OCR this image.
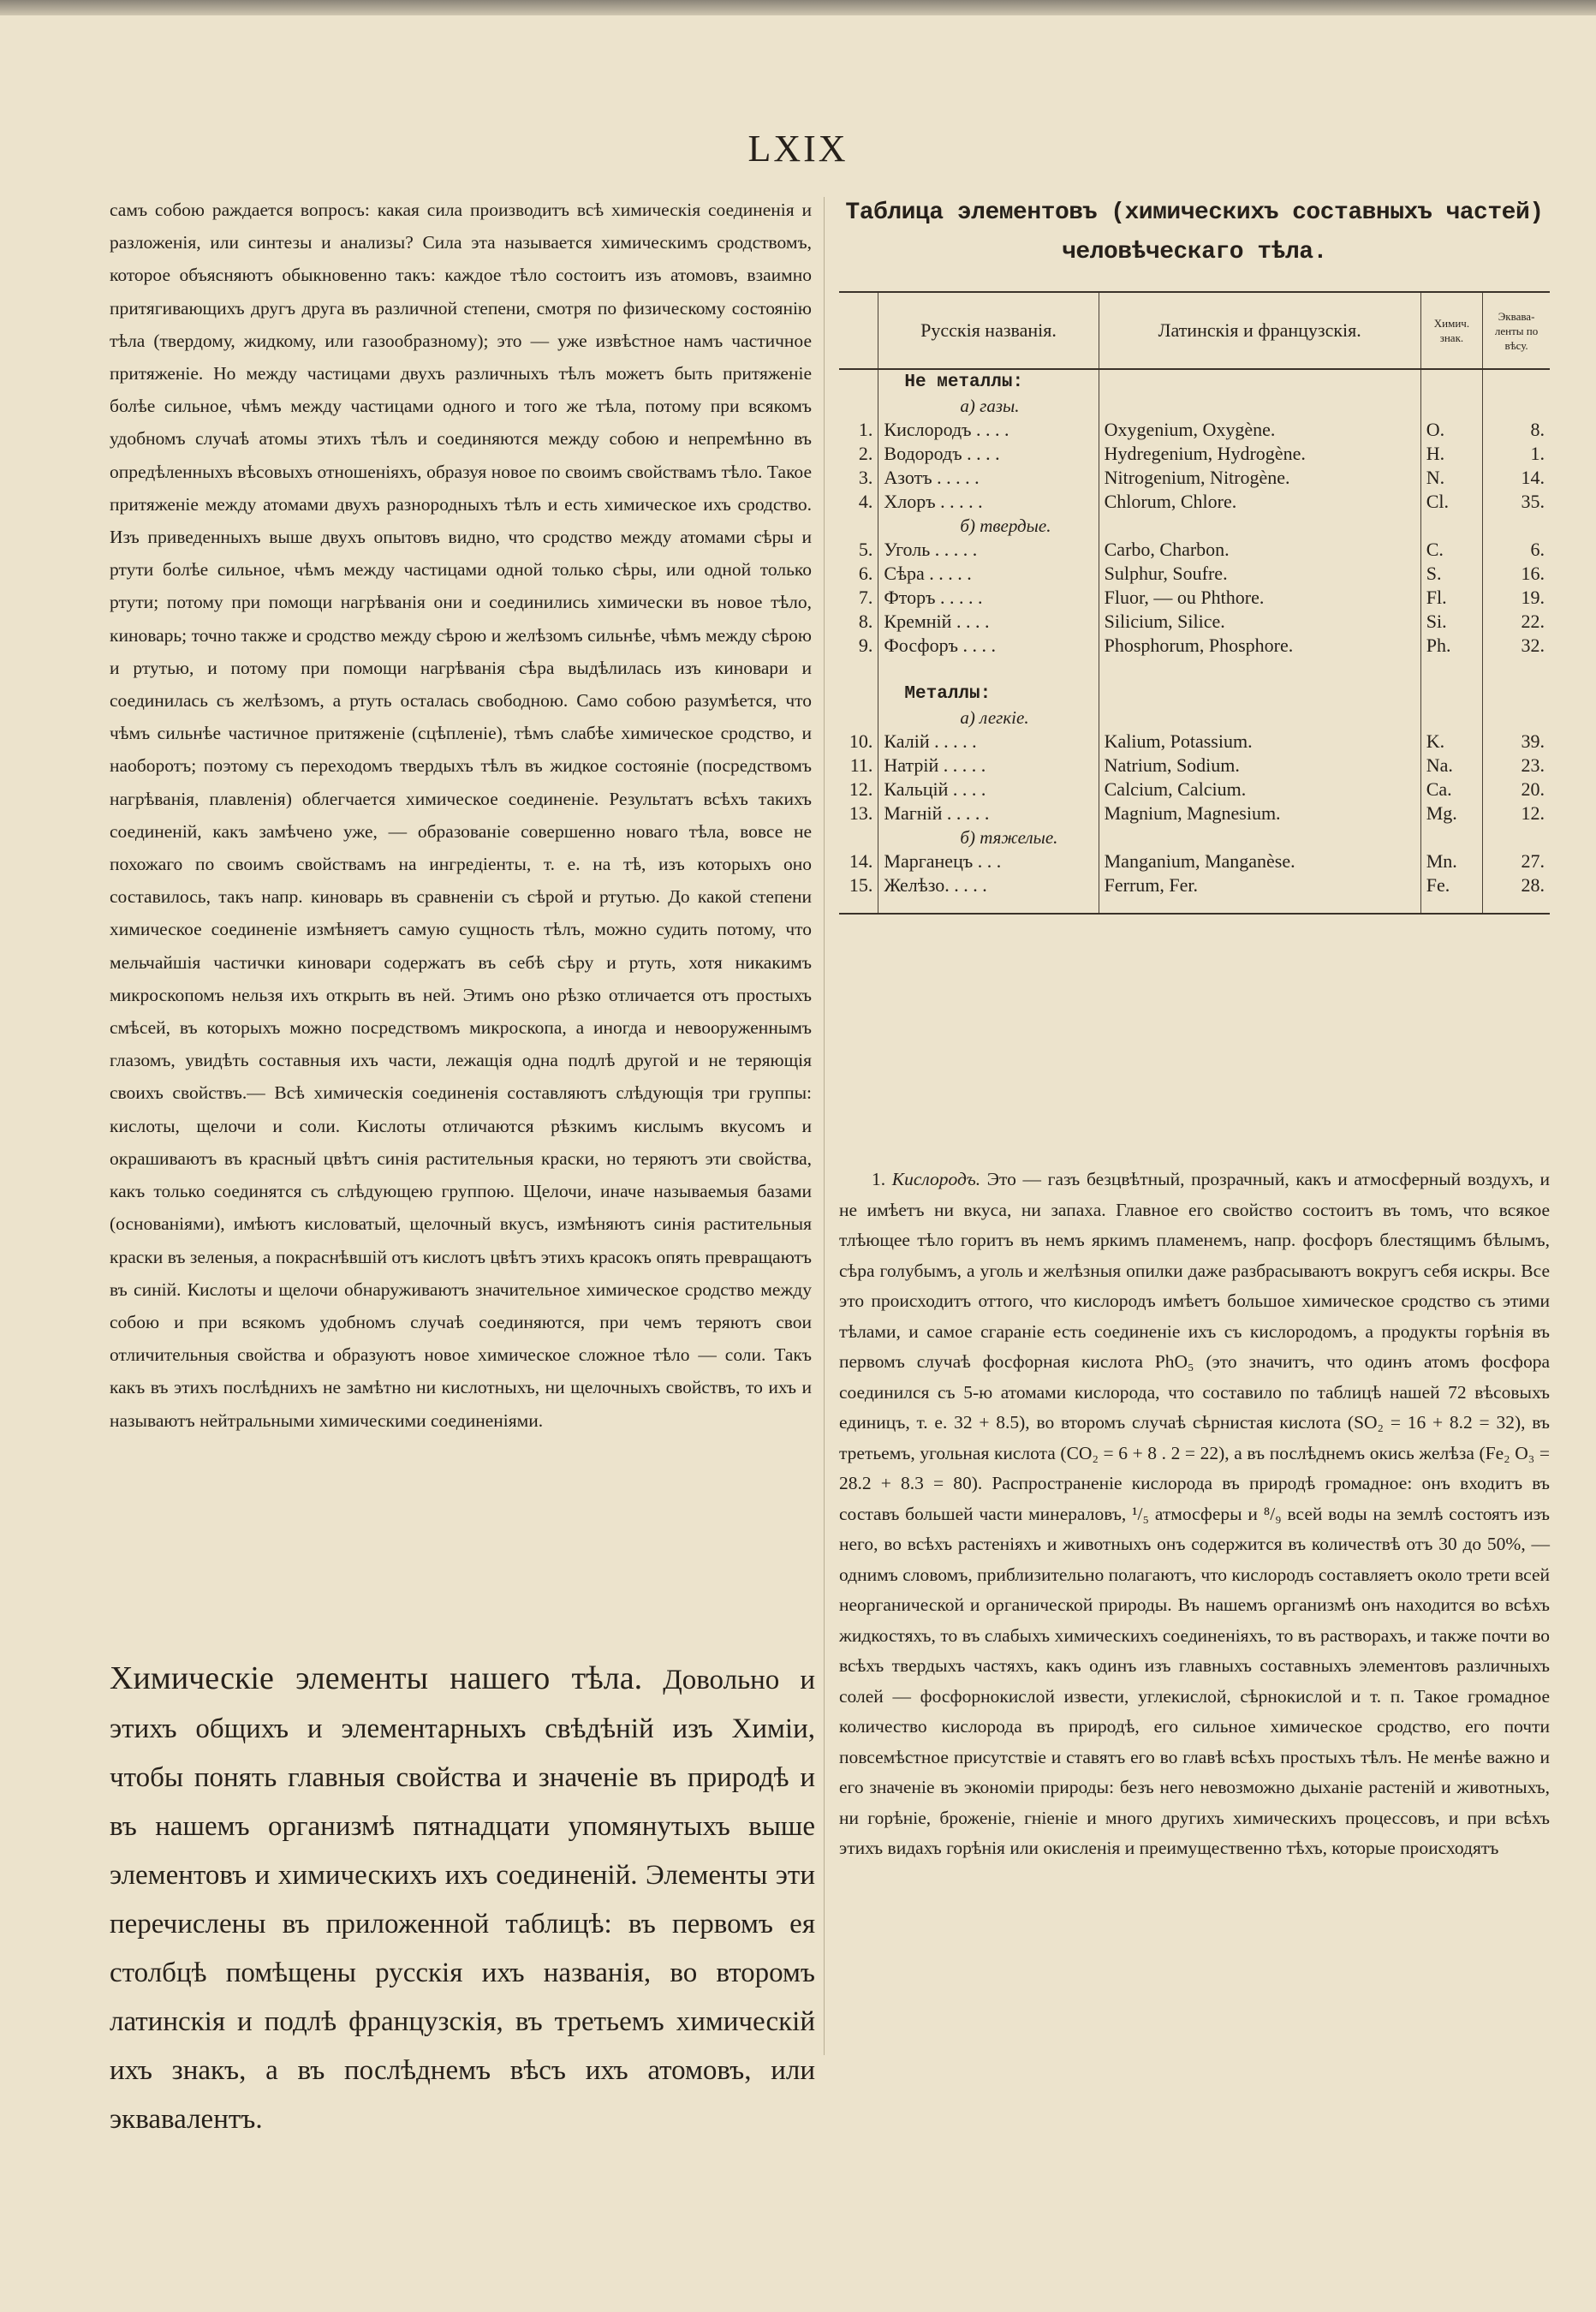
LXIX

самъ собою раждается вопросъ: какая сила производитъ всѣ химическія соединенія и разложенія, или синтезы и анализы? Сила эта называется химическимъ сродствомъ, которое объясняютъ обыкновенно такъ: каждое тѣло состоитъ изъ атомовъ, взаимно притягивающихъ другъ друга въ различной степени, смотря по физическому состоянію тѣла (твердому, жидкому, или газообразному); это — уже извѣстное намъ частичное притяженіе. Но между частицами двухъ различныхъ тѣлъ можетъ быть притяженіе болѣе сильное, чѣмъ между частицами одного и того же тѣла, потому при всякомъ удобномъ случаѣ атомы этихъ тѣлъ и соединяются между собою и непремѣнно въ опредѣленныхъ вѣсовыхъ отношеніяхъ, образуя новое по своимъ свойствамъ тѣло. Такое притяженіе между атомами двухъ разнородныхъ тѣлъ и есть химическое ихъ сродство. Изъ приведенныхъ выше двухъ опытовъ видно, что сродство между атомами сѣры и ртути болѣе сильное, чѣмъ между частицами одной только сѣры, или одной только ртути; потому при помощи нагрѣванія они и соединились химически въ новое тѣло, киноварь; точно также и сродство между сѣрою и желѣзомъ сильнѣе, чѣмъ между сѣрою и ртутью, и потому при помощи нагрѣванія сѣра выдѣлилась изъ киновари и соединилась съ желѣзомъ, а ртуть осталась свободною. Само собою разумѣется, что чѣмъ сильнѣе частичное притяженіе (сцѣпленіе), тѣмъ слабѣе химическое сродство, и наоборотъ; поэтому съ переходомъ твердыхъ тѣлъ въ жидкое состояніе (посредствомъ нагрѣванія, плавленія) облегчается химическое соединеніе. Результатъ всѣхъ такихъ соединеній, какъ замѣчено уже, — образованіе совершенно новаго тѣла, вовсе не похожаго по своимъ свойствамъ на ингредіенты, т. е. на тѣ, изъ которыхъ оно составилось, такъ напр. киноварь въ сравненіи съ сѣрой и ртутью. До какой степени химическое соединеніе измѣняетъ самую сущность тѣлъ, можно судить потому, что мельчайшія частички киновари содержатъ въ себѣ сѣру и ртуть, хотя никакимъ микроскопомъ нельзя ихъ открыть въ ней. Этимъ оно рѣзко отличается отъ простыхъ смѣсей, въ которыхъ можно посредствомъ микроскопа, а иногда и невооруженнымъ глазомъ, увидѣть составныя ихъ части, лежащія одна подлѣ другой и не теряющія своихъ свойствъ.— Всѣ химическія соединенія составляютъ слѣдующія три группы: кислоты, щелочи и соли. Кислоты отличаются рѣзкимъ кислымъ вкусомъ и окрашиваютъ въ красный цвѣтъ синія растительныя краски, но теряютъ эти свойства, какъ только соединятся съ слѣдующею группою. Щелочи, иначе называемыя базами (основаніями), имѣютъ кисловатый, щелочный вкусъ, измѣняютъ синія растительныя краски въ зеленыя, а покраснѣвшій отъ кислотъ цвѣтъ этихъ красокъ опять превращаютъ въ синій. Кислоты и щелочи обнаруживаютъ значительное химическое сродство между собою и при всякомъ удобномъ случаѣ соединяются, при чемъ теряютъ свои отличительныя свойства и образуютъ новое химическое сложное тѣло — соли. Такъ какъ въ этихъ послѣднихъ не замѣтно ни кислотныхъ, ни щелочныхъ свойствъ, то ихъ и называютъ нейтральными химическими соединеніями.

Химическіе элементы нашего тѣла. Довольно и этихъ общихъ и элементарныхъ свѣдѣній изъ Химіи, чтобы понять главныя свойства и значеніе въ природѣ и въ нашемъ организмѣ пятнадцати упомянутыхъ выше элементовъ и химическихъ ихъ соединеній. Элементы эти перечислены въ приложенной таблицѣ: въ первомъ ея столбцѣ помѣщены русскія ихъ названія, во второмъ латинскія и подлѣ французскія, въ третьемъ химическій ихъ знакъ, а въ послѣднемъ вѣсъ ихъ атомовъ, или эквавалентъ.
Таблица элементовъ (химическихъ составныхъ частей)
человѣческаго тѣла.
	Русскія названія.	Латинскія и французскія.	Химич. знак.	Эквава-ленты по вѣсу.
	Не металлы:			
	а) газы.			
1.	Кислородъ . . . .	Oxygenium, Oxygène.	O.	8.
2.	Водородъ . . . .	Hydregenium, Hydrogène.	H.	1.
3.	Азотъ . . . . .	Nitrogenium, Nitrogène.	N.	14.
4.	Хлоръ . . . . .	Chlorum, Chlore.	Cl.	35.
	б) твердые.			
5.	Уголь . . . . .	Carbo, Charbon.	C.	6.
6.	Сѣра . . . . .	Sulphur, Soufre.	S.	16.
7.	Фторъ . . . . .	Fluor, — ou Phthore.	Fl.	19.
8.	Кремній . . . .	Silicium, Silice.	Si.	22.
9.	Фосфоръ . . . .	Phosphorum, Phosphore.	Ph.	32.

	Металлы:			
	а) легкіе.			
10.	Калій . . . . .	Kalium, Potassium.	K.	39.
11.	Натрій . . . . .	Natrium, Sodium.	Na.	23.
12.	Кальцій . . . .	Calcium, Calcium.	Ca.	20.
13.	Магній . . . . .	Magnium, Magnesium.	Mg.	12.
	б) тяжелые.			
14.	Марганецъ . . .	Manganium, Manganèse.	Mn.	27.
15.	Желѣзо. . . . .	Ferrum, Fer.	Fe.	28.

1. Кислородъ. Это — газъ безцвѣтный, прозрачный, какъ и атмосферный воздухъ, и не имѣетъ ни вкуса, ни запаха. Главное его свойство состоитъ въ томъ, что всякое тлѣющее тѣло горитъ въ немъ яркимъ пламенемъ, напр. фосфоръ блестящимъ бѣлымъ, сѣра голубымъ, а уголь и желѣзныя опилки даже разбрасываютъ вокругъ себя искры. Все это происходитъ оттого, что кислородъ имѣетъ большое химическое сродство съ этими тѣлами, и самое сгараніе есть соединеніе ихъ съ кислородомъ, а продукты горѣнія въ первомъ случаѣ фосфорная кислота PhO₅ (это значитъ, что одинъ атомъ фосфора соединился съ 5-ю атомами кислорода, что составило по таблицѣ нашей 72 вѣсовыхъ единицъ, т. е. 32 + 8.5), во второмъ случаѣ сѣрнистая кислота (SO₂ = 16 + 8.2 = 32), въ третьемъ, угольная кислота (CO₂ = 6 + 8 . 2 = 22), а въ послѣднемъ окись желѣза (Fe₂ O₃ = 28.2 + 8.3 = 80). Распространеніе кислорода въ природѣ громадное: онъ входитъ въ составъ большей части минераловъ, ¹/₅ атмосферы и ⁸/₉ всей воды на землѣ состоятъ изъ него, во всѣхъ растеніяхъ и животныхъ онъ содержится въ количествѣ отъ 30 до 50%, — однимъ словомъ, приблизительно полагаютъ, что кислородъ составляетъ около трети всей неорганической и органической природы. Въ нашемъ организмѣ онъ находится во всѣхъ жидкостяхъ, то въ слабыхъ химическихъ соединеніяхъ, то въ растворахъ, и также почти во всѣхъ твердыхъ частяхъ, какъ одинъ изъ главныхъ составныхъ элементовъ различныхъ солей — фосфорнокислой извести, углекислой, сѣрнокислой и т. п. Такое громадное количество кислорода въ природѣ, его сильное химическое сродство, его почти повсемѣстное присутствіе и ставятъ его во главѣ всѣхъ простыхъ тѣлъ. Не менѣе важно и его значеніе въ экономіи природы: безъ него невозможно дыханіе растеній и животныхъ, ни горѣніе, броженіе, гніеніе и много другихъ химическихъ процессовъ, и при всѣхъ этихъ видахъ горѣнія или окисленія и преимущественно тѣхъ, которые происходятъ
